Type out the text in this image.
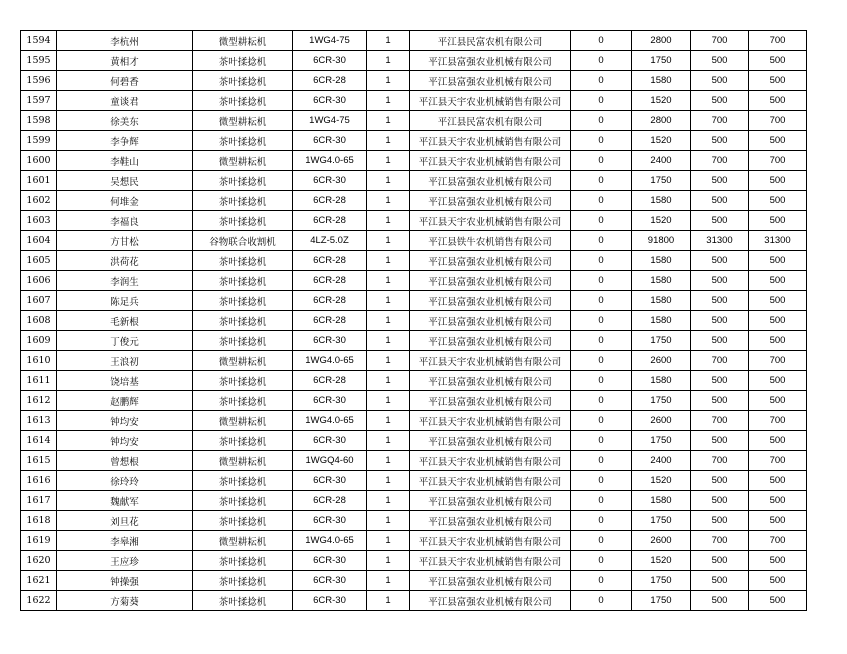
1594	李杭州	微型耕耘机	1WG4-75	1	平江县民富农机有限公司	0	2800	700	700
1595	黄相才	茶叶揉捻机	6CR-30	1	平江县富强农业机械有限公司	0	1750	500	500
1596	何碧香	茶叶揉捻机	6CR-28	1	平江县富强农业机械有限公司	0	1580	500	500
1597	童谈君	茶叶揉捻机	6CR-30	1	平江县天宇农业机械销售有限公司	0	1520	500	500
1598	徐美东	微型耕耘机	1WG4-75	1	平江县民富农机有限公司	0	2800	700	700
1599	李争辉	茶叶揉捻机	6CR-30	1	平江县天宇农业机械销售有限公司	0	1520	500	500
1600	李鞋山	微型耕耘机	1WG4.0-65	1	平江县天宇农业机械销售有限公司	0	2400	700	700
1601	吴想民	茶叶揉捻机	6CR-30	1	平江县富强农业机械有限公司	0	1750	500	500
1602	何堆金	茶叶揉捻机	6CR-28	1	平江县富强农业机械有限公司	0	1580	500	500
1603	李福良	茶叶揉捻机	6CR-28	1	平江县天宇农业机械销售有限公司	0	1520	500	500
1604	方甘松	谷物联合收割机	4LZ-5.0Z	1	平江县铁牛农机销售有限公司	0	91800	31300	31300
1605	洪荷花	茶叶揉捻机	6CR-28	1	平江县富强农业机械有限公司	0	1580	500	500
1606	李润生	茶叶揉捻机	6CR-28	1	平江县富强农业机械有限公司	0	1580	500	500
1607	陈足兵	茶叶揉捻机	6CR-28	1	平江县富强农业机械有限公司	0	1580	500	500
1608	毛新根	茶叶揉捻机	6CR-28	1	平江县富强农业机械有限公司	0	1580	500	500
1609	丁俊元	茶叶揉捻机	6CR-30	1	平江县富强农业机械有限公司	0	1750	500	500
1610	王浪初	微型耕耘机	1WG4.0-65	1	平江县天宇农业机械销售有限公司	0	2600	700	700
1611	饶培基	茶叶揉捻机	6CR-28	1	平江县富强农业机械有限公司	0	1580	500	500
1612	赵鹏辉	茶叶揉捻机	6CR-30	1	平江县富强农业机械有限公司	0	1750	500	500
1613	钟均安	微型耕耘机	1WG4.0-65	1	平江县天宇农业机械销售有限公司	0	2600	700	700
1614	钟均安	茶叶揉捻机	6CR-30	1	平江县富强农业机械有限公司	0	1750	500	500
1615	曾想根	微型耕耘机	1WGQ4-60	1	平江县天宇农业机械销售有限公司	0	2400	700	700
1616	徐玲玲	茶叶揉捻机	6CR-30	1	平江县天宇农业机械销售有限公司	0	1520	500	500
1617	魏献军	茶叶揉捻机	6CR-28	1	平江县富强农业机械有限公司	0	1580	500	500
1618	刘旦花	茶叶揉捻机	6CR-30	1	平江县富强农业机械有限公司	0	1750	500	500
1619	李皋湘	微型耕耘机	1WG4.0-65	1	平江县天宇农业机械销售有限公司	0	2600	700	700
1620	王应珍	茶叶揉捻机	6CR-30	1	平江县天宇农业机械销售有限公司	0	1520	500	500
1621	钟操强	茶叶揉捻机	6CR-30	1	平江县富强农业机械有限公司	0	1750	500	500
1622	方菊葵	茶叶揉捻机	6CR-30	1	平江县富强农业机械有限公司	0	1750	500	500
